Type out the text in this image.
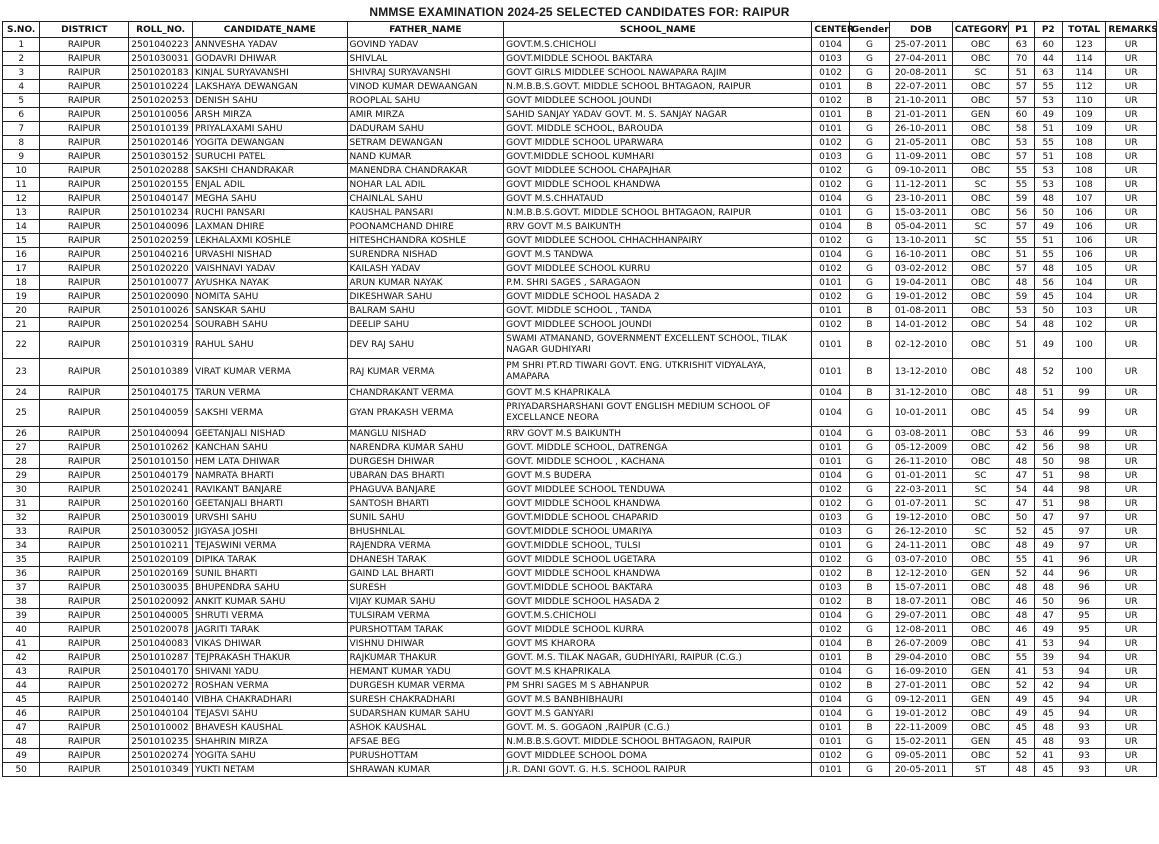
NMMSE EXAMINATION 2024-25 SELECTED CANDIDATES FOR: RAIPUR
S.NO.	DISTRICT	ROLL_NO.	CANDIDATE_NAME	FATHER_NAME	SCHOOL_NAME	CENTER	Gender	DOB	CATEGORY	P1	P2	TOTAL	REMARKS
1	RAIPUR	2501040223	ANNVESHA YADAV	GOVIND YADAV	GOVT.M.S.CHICHOLI	0104	G	25-07-2011	OBC	63	60	123	UR
2	RAIPUR	2501030031	GODAVRI DHIWAR	SHIVLAL	GOVT.MIDDLE SCHOOL BAKTARA	0103	G	27-04-2011	OBC	70	44	114	UR
3	RAIPUR	2501020183	KINJAL SURYAVANSHI	SHIVRAJ SURYAVANSHI	GOVT GIRLS MIDDLEE SCHOOL NAWAPARA RAJIM	0102	G	20-08-2011	SC	51	63	114	UR
4	RAIPUR	2501010224	LAKSHAYA DEWANGAN	VINOD KUMAR DEWAANGAN	N.M.B.B.S.GOVT. MIDDLE SCHOOL BHTAGAON, RAIPUR	0101	B	22-07-2011	OBC	57	55	112	UR
5	RAIPUR	2501020253	DENISH SAHU	ROOPLAL SAHU	GOVT MIDDLEE SCHOOL JOUNDI	0102	B	21-10-2011	OBC	57	53	110	UR
6	RAIPUR	2501010056	ARSH MIRZA	AMIR MIRZA	SAHID SANJAY YADAV GOVT. M. S. SANJAY NAGAR	0101	B	21-01-2011	GEN	60	49	109	UR
7	RAIPUR	2501010139	PRIYALAXAMI SAHU	DADURAM SAHU	GOVT. MIDDLE SCHOOL, BAROUDA	0101	G	26-10-2011	OBC	58	51	109	UR
8	RAIPUR	2501020146	YOGITA DEWANGAN	SETRAM DEWANGAN	GOVT MIDDLE SCHOOL UPARWARA	0102	G	21-05-2011	OBC	53	55	108	UR
9	RAIPUR	2501030152	SURUCHI PATEL	NAND KUMAR	GOVT.MIDDLE SCHOOL KUMHARI	0103	G	11-09-2011	OBC	57	51	108	UR
10	RAIPUR	2501020288	SAKSHI CHANDRAKAR	MANENDRA CHANDRAKAR	GOVT MIDDLEE SCHOOL CHAPAJHAR	0102	G	09-10-2011	OBC	55	53	108	UR
11	RAIPUR	2501020155	ENJAL ADIL	NOHAR LAL ADIL	GOVT MIDDLE SCHOOL KHANDWA	0102	G	11-12-2011	SC	55	53	108	UR
12	RAIPUR	2501040147	MEGHA SAHU	CHAINLAL SAHU	GOVT M.S.CHHATAUD	0104	G	23-10-2011	OBC	59	48	107	UR
13	RAIPUR	2501010234	RUCHI PANSARI	KAUSHAL PANSARI	N.M.B.B.S.GOVT. MIDDLE SCHOOL BHTAGAON, RAIPUR	0101	G	15-03-2011	OBC	56	50	106	UR
14	RAIPUR	2501040096	LAXMAN DHIRE	POONAMCHAND DHIRE	RRV GOVT M.S BAIKUNTH	0104	B	05-04-2011	SC	57	49	106	UR
15	RAIPUR	2501020259	LEKHALAXMI KOSHLE	HITESHCHANDRA KOSHLE	GOVT MIDDLEE SCHOOL CHHACHHANPAIRY	0102	G	13-10-2011	SC	55	51	106	UR
16	RAIPUR	2501040216	URVASHI NISHAD	SURENDRA NISHAD	GOVT M.S TANDWA	0104	G	16-10-2011	OBC	51	55	106	UR
17	RAIPUR	2501020220	VAISHNAVI YADAV	KAILASH YADAV	GOVT MIDDLEE SCHOOL KURRU	0102	G	03-02-2012	OBC	57	48	105	UR
18	RAIPUR	2501010077	AYUSHKA NAYAK	ARUN KUMAR NAYAK	P.M. SHRI SAGES , SARAGAON	0101	G	19-04-2011	OBC	48	56	104	UR
19	RAIPUR	2501020090	NOMITA SAHU	DIKESHWAR SAHU	GOVT MIDDLE SCHOOL HASADA 2	0102	G	19-01-2012	OBC	59	45	104	UR
20	RAIPUR	2501010026	SANSKAR SAHU	BALRAM SAHU	GOVT. MIDDLE SCHOOL , TANDA	0101	B	01-08-2011	OBC	53	50	103	UR
21	RAIPUR	2501020254	SOURABH SAHU	DEELIP SAHU	GOVT MIDDLEE SCHOOL JOUNDI	0102	B	14-01-2012	OBC	54	48	102	UR
22	RAIPUR	2501010319	RAHUL SAHU	DEV RAJ SAHU	SWAMI ATMANAND, GOVERNMENT EXCELLENT SCHOOL, TILAK NAGAR GUDHIYARI	0101	B	02-12-2010	OBC	51	49	100	UR
23	RAIPUR	2501010389	VIRAT KUMAR VERMA	RAJ KUMAR VERMA	PM SHRI PT.RD TIWARI GOVT. ENG. UTKRISHIT VIDYALAYA, AMAPARA	0101	B	13-12-2010	OBC	48	52	100	UR
24	RAIPUR	2501040175	TARUN VERMA	CHANDRAKANT VERMA	GOVT M.S KHAPRIKALA	0104	B	31-12-2010	OBC	48	51	99	UR
25	RAIPUR	2501040059	SAKSHI VERMA	GYAN PRAKASH VERMA	PRIYADARSHARSHANI GOVT ENGLISH MEDIUM SCHOOL OF EXCELLANCE NEORA	0104	G	10-01-2011	OBC	45	54	99	UR
26	RAIPUR	2501040094	GEETANJALI NISHAD	MANGLU NISHAD	RRV GOVT M.S BAIKUNTH	0104	G	03-08-2011	OBC	53	46	99	UR
27	RAIPUR	2501010262	KANCHAN SAHU	NARENDRA KUMAR SAHU	GOVT. MIDDLE SCHOOL, DATRENGA	0101	G	05-12-2009	OBC	42	56	98	UR
28	RAIPUR	2501010150	HEM LATA DHIWAR	DURGESH DHIWAR	GOVT. MIDDLE SCHOOL , KACHANA	0101	G	26-11-2010	OBC	48	50	98	UR
29	RAIPUR	2501040179	NAMRATA BHARTI	UBARAN DAS BHARTI	GOVT M.S BUDERA	0104	G	01-01-2011	SC	47	51	98	UR
30	RAIPUR	2501020241	RAVIKANT BANJARE	PHAGUVA BANJARE	GOVT MIDDLEE SCHOOL TENDUWA	0102	G	22-03-2011	SC	54	44	98	UR
31	RAIPUR	2501020160	GEETANJALI BHARTI	SANTOSH BHARTI	GOVT MIDDLE SCHOOL KHANDWA	0102	G	01-07-2011	SC	47	51	98	UR
32	RAIPUR	2501030019	URVSHI SAHU	SUNIL SAHU	GOVT.MIDDLE SCHOOL CHAPARID	0103	G	19-12-2010	OBC	50	47	97	UR
33	RAIPUR	2501030052	JIGYASA JOSHI	BHUSHNLAL	GOVT.MIDDLE SCHOOL UMARIYA	0103	G	26-12-2010	SC	52	45	97	UR
34	RAIPUR	2501010211	TEJASWINI VERMA	RAJENDRA VERMA	GOVT.MIDDLE SCHOOL, TULSI	0101	G	24-11-2011	OBC	48	49	97	UR
35	RAIPUR	2501020109	DIPIKA TARAK	DHANESH TARAK	GOVT MIDDLE SCHOOL UGETARA	0102	G	03-07-2010	OBC	55	41	96	UR
36	RAIPUR	2501020169	SUNIL BHARTI	GAIND LAL BHARTI	GOVT MIDDLE SCHOOL KHANDWA	0102	B	12-12-2010	GEN	52	44	96	UR
37	RAIPUR	2501030035	BHUPENDRA SAHU	SURESH	GOVT.MIDDLE SCHOOL BAKTARA	0103	B	15-07-2011	OBC	48	48	96	UR
38	RAIPUR	2501020092	ANKIT KUMAR SAHU	VIJAY KUMAR SAHU	GOVT MIDDLE SCHOOL HASADA 2	0102	B	18-07-2011	OBC	46	50	96	UR
39	RAIPUR	2501040005	SHRUTI VERMA	TULSIRAM VERMA	GOVT.M.S.CHICHOLI	0104	G	29-07-2011	OBC	48	47	95	UR
40	RAIPUR	2501020078	JAGRITI TARAK	PURSHOTTAM TARAK	GOVT MIDDLE SCHOOL KURRA	0102	G	12-08-2011	OBC	46	49	95	UR
41	RAIPUR	2501040083	VIKAS DHIWAR	VISHNU DHIWAR	GOVT MS KHARORA	0104	B	26-07-2009	OBC	41	53	94	UR
42	RAIPUR	2501010287	TEJPRAKASH THAKUR	RAJKUMAR THAKUR	GOVT. M.S. TILAK NAGAR, GUDHIYARI, RAIPUR (C.G.)	0101	B	29-04-2010	OBC	55	39	94	UR
43	RAIPUR	2501040170	SHIVANI YADU	HEMANT KUMAR YADU	GOVT M.S KHAPRIKALA	0104	G	16-09-2010	GEN	41	53	94	UR
44	RAIPUR	2501020272	ROSHAN VERMA	DURGESH KUMAR VERMA	PM SHRI SAGES M S ABHANPUR	0102	B	27-01-2011	OBC	52	42	94	UR
45	RAIPUR	2501040140	VIBHA CHAKRADHARI	SURESH CHAKRADHARI	GOVT M.S BANBHIBHAURI	0104	G	09-12-2011	GEN	49	45	94	UR
46	RAIPUR	2501040104	TEJASVI SAHU	SUDARSHAN KUMAR SAHU	GOVT M.S GANYARI	0104	G	19-01-2012	OBC	49	45	94	UR
47	RAIPUR	2501010002	BHAVESH KAUSHAL	ASHOK KAUSHAL	GOVT. M. S. GOGAON ,RAIPUR (C.G.)	0101	B	22-11-2009	OBC	45	48	93	UR
48	RAIPUR	2501010235	SHAHRIN MIRZA	AFSAE BEG	N.M.B.B.S.GOVT. MIDDLE SCHOOL BHTAGAON, RAIPUR	0101	G	15-02-2011	GEN	45	48	93	UR
49	RAIPUR	2501020274	YOGITA SAHU	PURUSHOTTAM	GOVT MIDDLEE SCHOOL DOMA	0102	G	09-05-2011	OBC	52	41	93	UR
50	RAIPUR	2501010349	YUKTI NETAM	SHRAWAN KUMAR	J.R. DANI GOVT. G. H.S. SCHOOL RAIPUR	0101	G	20-05-2011	ST	48	45	93	UR
